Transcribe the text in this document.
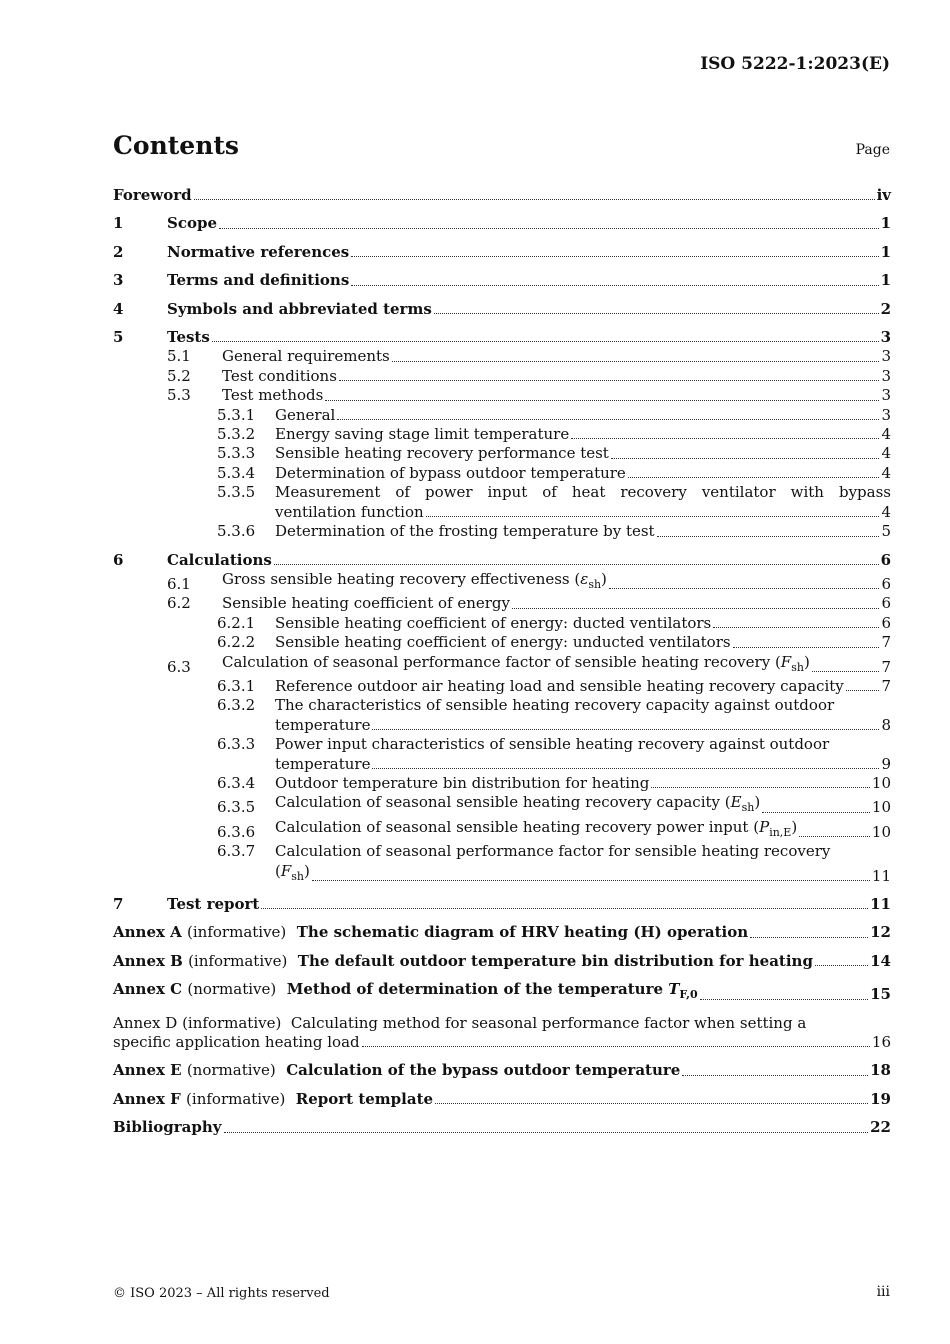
ISO 5222-1:2023(E)
Contents	Page
Foreword	iv
1	Scope	1
2	Normative references	1
3	Terms and definitions	1
4	Symbols and abbreviated terms	2
5	Tests	3
5.1	General requirements	3
5.2	Test conditions	3
5.3	Test methods	3
5.3.1	General	3
5.3.2	Energy saving stage limit temperature	4
5.3.3	Sensible heating recovery performance test	4
5.3.4	Determination of bypass outdoor temperature	4
5.3.5	Measurement of power input of heat recovery ventilator with bypass
ventilation function	4
5.3.6	Determination of the frosting temperature by test	5
6	Calculations	6
6.1	Gross sensible heating recovery effectiveness $(\varepsilon_{sh})$	6
6.2	Sensible heating coefficient of energy	6
6.2.1	Sensible heating coefficient of energy: ducted ventilators	6
6.2.2	Sensible heating coefficient of energy: unducted ventilators	7
6.3	Calculation of seasonal performance factor of sensible heating recovery $(F_{sh})$	7
6.3.1	Reference outdoor air heating load and sensible heating recovery capacity	7
6.3.2	The characteristics of sensible heating recovery capacity against outdoor
temperature	8
6.3.3	Power input characteristics of sensible heating recovery against outdoor
temperature	9
6.3.4	Outdoor temperature bin distribution for heating	10
6.3.5	Calculation of seasonal sensible heating recovery capacity $(E_{sh})$	10
6.3.6	Calculation of seasonal sensible heating recovery power input $(P_{in,E})$	10
6.3.7	Calculation of seasonal performance factor for sensible heating recovery
$(F_{sh})$	11
7	Test report	11
Annex A (informative) The schematic diagram of HRV heating (H) operation	12
Annex B (informative) The default outdoor temperature bin distribution for heating	14
Annex C (normative) Method of determination of the temperature $T_{F,0}$	15
Annex D (informative) Calculating method for seasonal performance factor when setting a
specific application heating load	16
Annex E (normative) Calculation of the bypass outdoor temperature	18
Annex F (informative) Report template	19
Bibliography	22
© ISO 2023 – All rights reserved	iii
